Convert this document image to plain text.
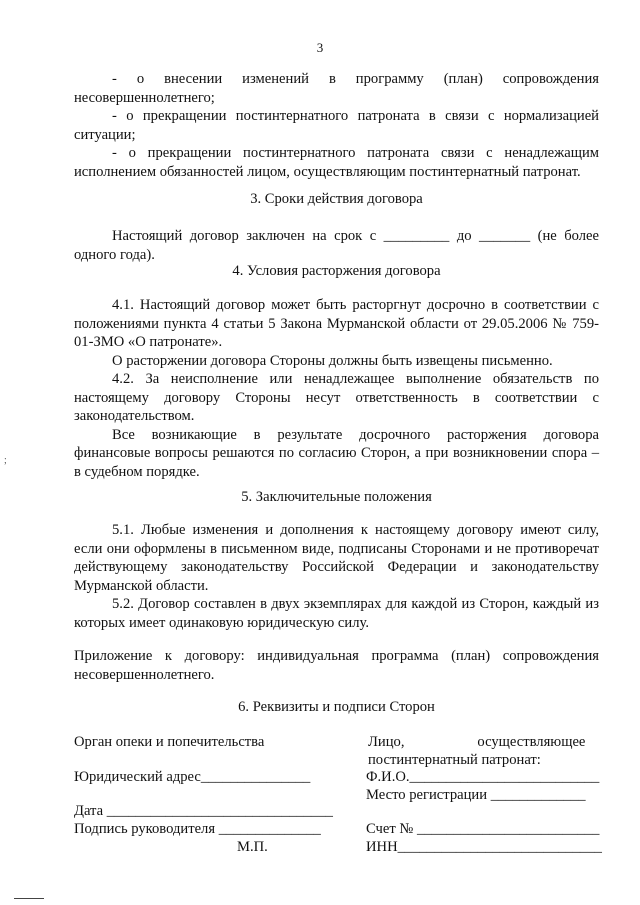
3

- о внесении изменений в программу (план) сопровождения несовершеннолетнего;

- о прекращении постинтернатного патроната в связи с нормализацией ситуации;

- о прекращении постинтернатного патроната связи с ненадлежащим исполнением обязанностей лицом, осуществляющим постинтернатный патронат.

3. Сроки действия договора

Настоящий договор заключен на срок с _________ до _______ (не более одного года).

4. Условия расторжения договора

4.1. Настоящий договор может быть расторгнут досрочно в соответствии с положениями пункта 4 статьи 5 Закона Мурманской области от 29.05.2006 № 759-01-ЗМО «О патронате».

О расторжении договора Стороны должны быть извещены письменно.

4.2. За неисполнение или ненадлежащее выполнение обязательств по настоящему договору Стороны несут ответственность в соответствии с законодательством.

Все возникающие в результате досрочного расторжения договора финансовые вопросы решаются по согласию Сторон, а при возникновении спора – в судебном порядке.

5. Заключительные положения

5.1. Любые изменения и дополнения к настоящему договору имеют силу, если они оформлены в письменном виде, подписаны Сторонами и не противоречат действующему законодательству Российской Федерации и законодательству Мурманской области.

5.2. Договор составлен в двух экземплярах для каждой из Сторон, каждый из которых имеет одинаковую юридическую силу.

Приложение к договору: индивидуальная программа (план) сопровождения несовершеннолетнего.

6. Реквизиты и подписи Сторон
Орган опеки и попечительства
Юридический адрес_______________
Дата _______________________________
Подпись руководителя ______________
М.П.
Лицо,                    осуществляющее
постинтернатный патронат:
Ф.И.О.__________________________
Место регистрации _____________
Счет № _________________________
ИНН____________________________
;
